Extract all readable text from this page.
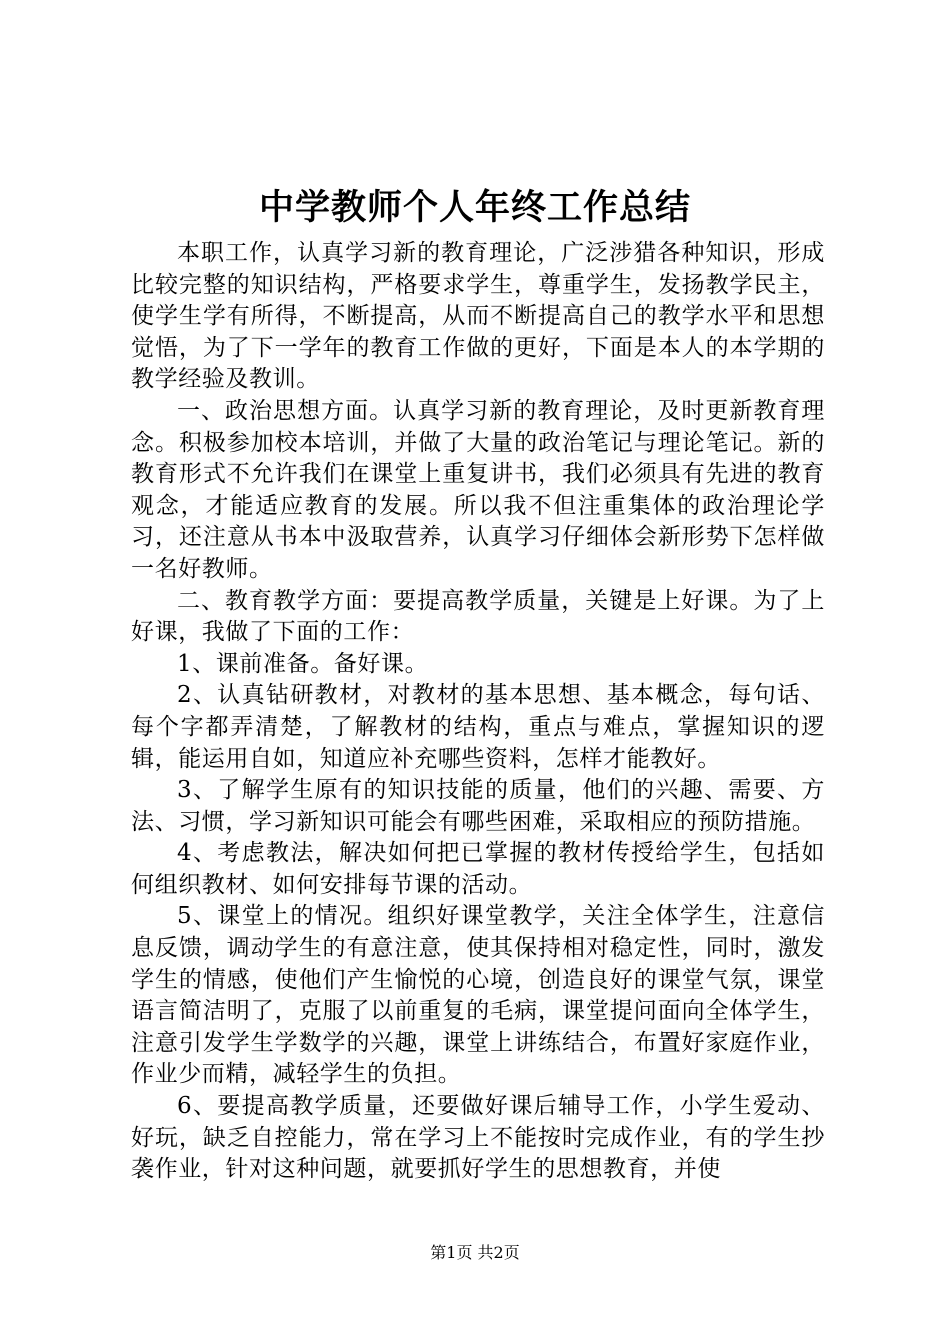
中学教师个人年终工作总结

本职工作，认真学习新的教育理论，广泛涉猎各种知识，形成比较完整的知识结构，严格要求学生，尊重学生，发扬教学民主，使学生学有所得，不断提高，从而不断提高自己的教学水平和思想觉悟，为了下一学年的教育工作做的更好，下面是本人的本学期的教学经验及教训。

一、政治思想方面。认真学习新的教育理论，及时更新教育理念。积极参加校本培训，并做了大量的政治笔记与理论笔记。新的教育形式不允许我们在课堂上重复讲书，我们必须具有先进的教育观念，才能适应教育的发展。所以我不但注重集体的政治理论学习，还注意从书本中汲取营养，认真学习仔细体会新形势下怎样做一名好教师。

二、教育教学方面：要提高教学质量，关键是上好课。为了上好课，我做了下面的工作：

1、课前准备。备好课。

2、认真钻研教材，对教材的基本思想、基本概念，每句话、每个字都弄清楚，了解教材的结构，重点与难点，掌握知识的逻辑，能运用自如，知道应补充哪些资料，怎样才能教好。

3、了解学生原有的知识技能的质量，他们的兴趣、需要、方法、习惯，学习新知识可能会有哪些困难，采取相应的预防措施。

4、考虑教法，解决如何把已掌握的教材传授给学生，包括如何组织教材、如何安排每节课的活动。

5、课堂上的情况。组织好课堂教学，关注全体学生，注意信息反馈，调动学生的有意注意，使其保持相对稳定性，同时，激发学生的情感，使他们产生愉悦的心境，创造良好的课堂气氛，课堂语言简洁明了，克服了以前重复的毛病，课堂提问面向全体学生，注意引发学生学数学的兴趣，课堂上讲练结合，布置好家庭作业，作业少而精，减轻学生的负担。

6、要提高教学质量，还要做好课后辅导工作，小学生爱动、好玩，缺乏自控能力，常在学习上不能按时完成作业，有的学生抄袭作业，针对这种问题，就要抓好学生的思想教育，并使

第1页 共2页
